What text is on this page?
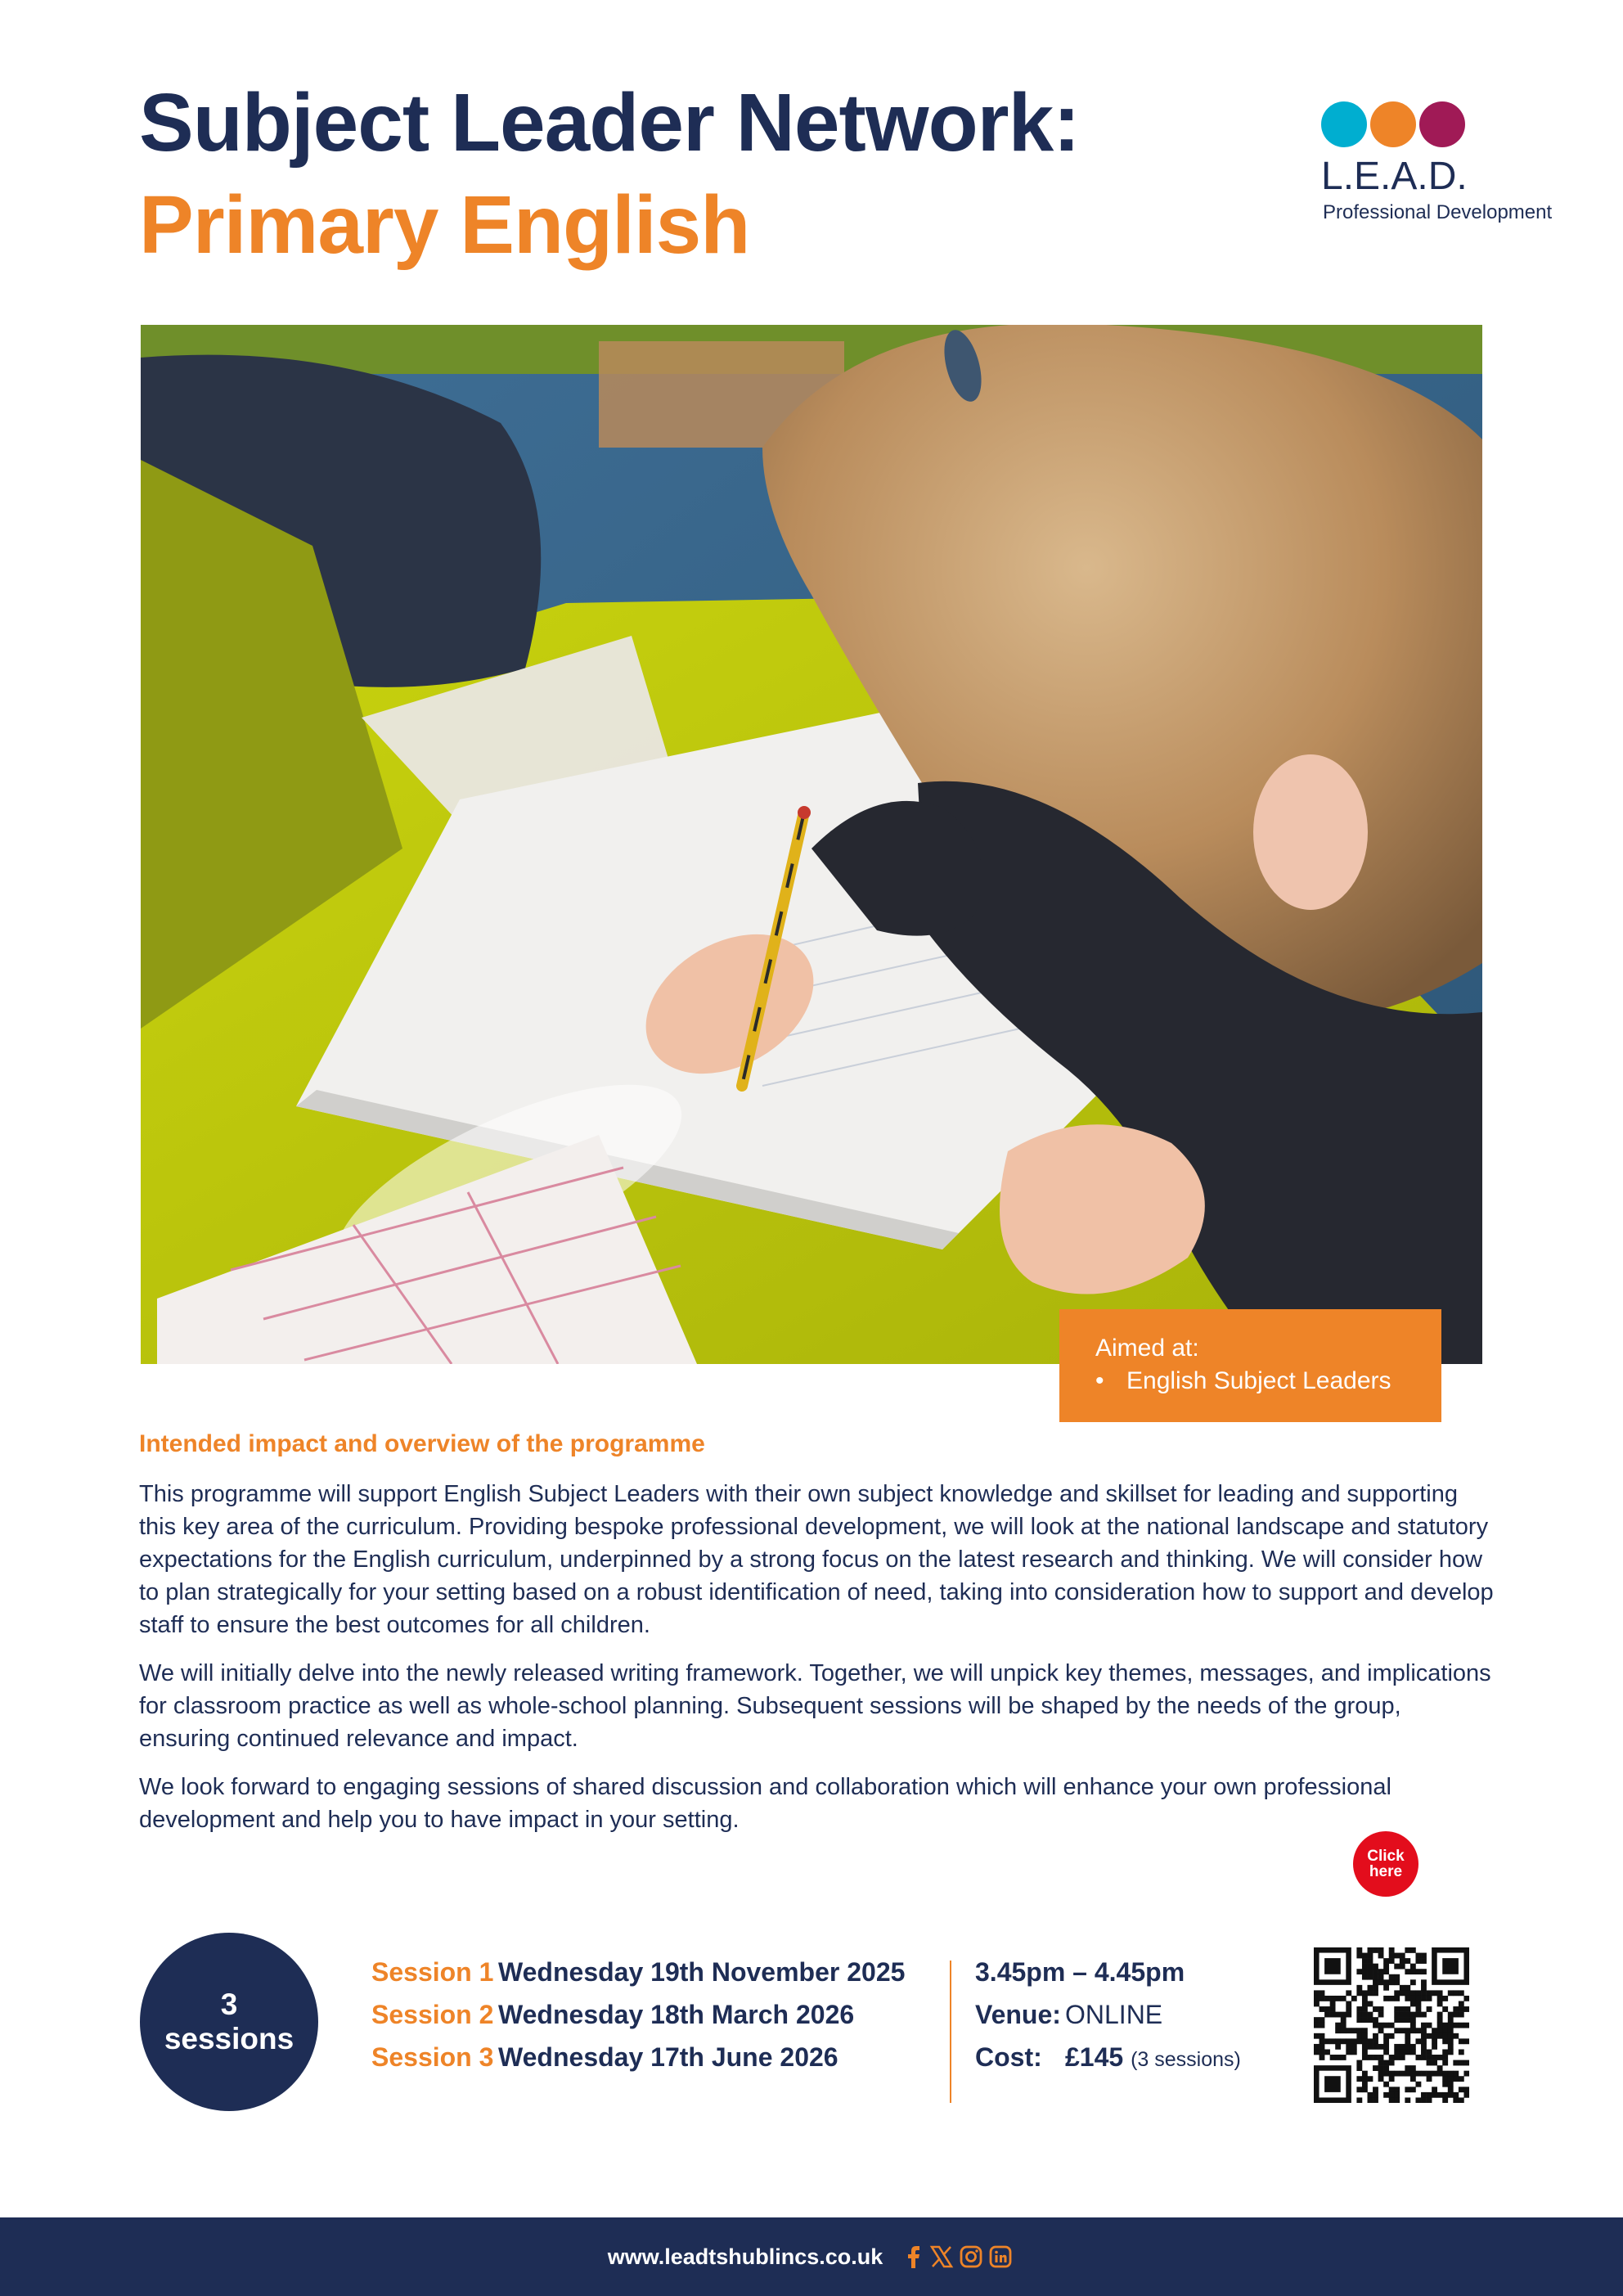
Subject Leader Network:
Primary English
L.E.A.D.
Professional Development
Aimed at:
• English Subject Leaders
Intended impact and overview of the programme

This programme will support English Subject Leaders with their own subject knowledge and skillset for leading and supporting this key area of the curriculum. Providing bespoke professional development, we will look at the national landscape and statutory expectations for the English curriculum, underpinned by a strong focus on the latest research and thinking. We will consider how to plan strategically for your setting based on a robust identification of need, taking into consideration how to support and develop staff to ensure the best outcomes for all children.

We will initially delve into the newly released writing framework. Together, we will unpick key themes, messages, and implications for classroom practice as well as whole-school planning. Subsequent sessions will be shaped by the needs of the group, ensuring continued relevance and impact.

We look forward to engaging sessions of shared discussion and collaboration which will enhance your own professional development and help you to have impact in your setting.

Click
here
3
sessions
Session 1 Wednesday 19th November 2025
Session 2 Wednesday 18th March 2026
Session 3 Wednesday 17th June 2026
3.45pm – 4.45pm
Venue: ONLINE
Cost: £145 (3 sessions)
www.leadtshublincs.co.uk
